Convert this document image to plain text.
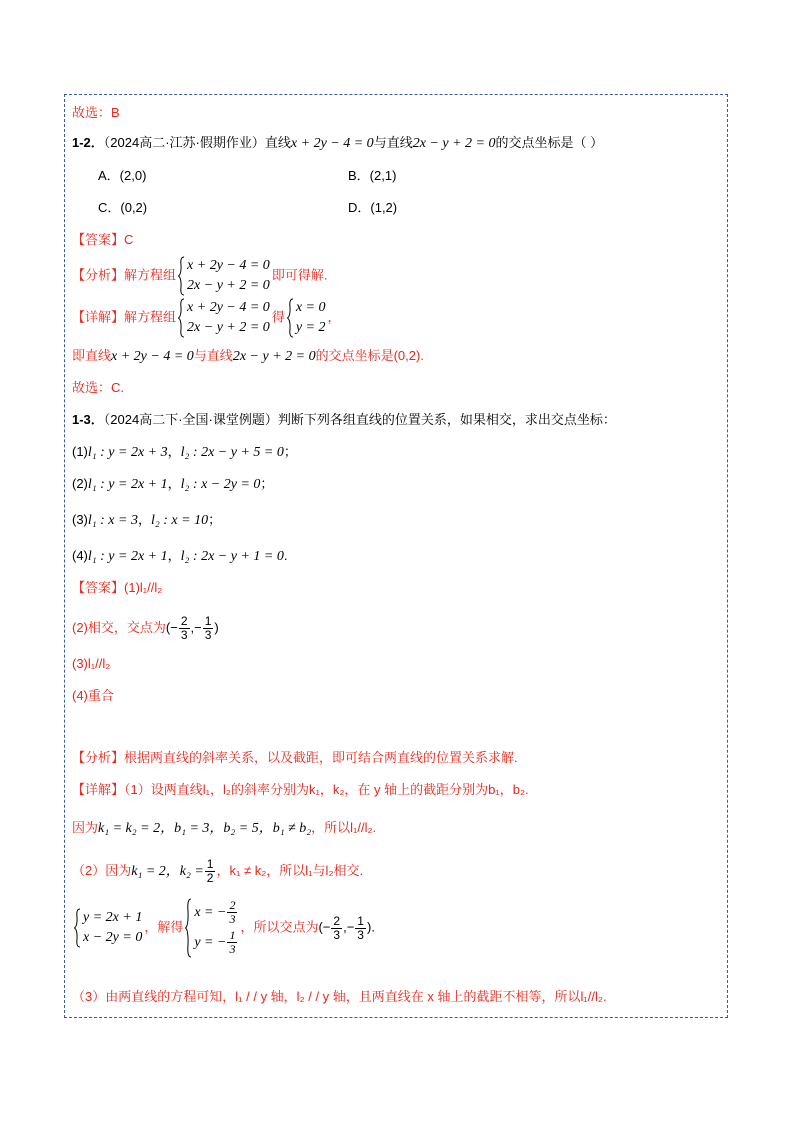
故选：B
1-2．（2024高二·江苏·假期作业）直线x + 2y − 4 = 0与直线2x − y + 2 = 0的交点坐标是（ ）
A．(2,0)	B．(2,1)
C．(0,2)	D．(1,2)
【答案】C
【分析】解方程组
x + 2y − 4 = 0
2x − y + 2 = 0
即可得解.
【详解】解方程组
x + 2y − 4 = 0
2x − y + 2 = 0
得
x = 0
y = 2
，
即直线x + 2y − 4 = 0与直线2x − y + 2 = 0的交点坐标是(0,2).
故选：C.
1-3．（2024高二下·全国·课堂例题）判断下列各组直线的位置关系，如果相交，求出交点坐标：
(1)l₁ : y = 2x + 3，l₂ : 2x − y + 5 = 0；
(2)l₁ : y = 2x + 1，l₂ : x − 2y = 0；
(3)l₁ : x = 3，l₂ : x = 10；
(4)l₁ : y = 2x + 1，l₂ : 2x − y + 1 = 0.
【答案】(1)l₁//l₂
(2)相交，交点为(− $\frac{2}{3}$ ,− $\frac{1}{3}$ )
(3)l₁//l₂
(4)重合
【分析】根据两直线的斜率关系，以及截距，即可结合两直线的位置关系求解.
【详解】（1）设两直线l₁，l₂的斜率分别为k₁，k₂，在 y 轴上的截距分别为b₁，b₂.
因为k₁ = k₂ = 2，b₁ = 3，b₂ = 5，b₁ ≠ b₂，所以l₁//l₂.
（2）因为k₁ = 2，$k_2 = \frac{1}{2}$ ，k₁ ≠ k₂，所以l₁与l₂相交.
y = 2x + 1
x − 2y = 0
，解得
x = − $\frac{2}{3}$
y = − $\frac{1}{3}$
，所以交点为(− $\frac{2}{3}$ ,− $\frac{1}{3}$ ).
（3）由两直线的方程可知，l₁ / / y 轴，l₂ / / y 轴，且两直线在 x 轴上的截距不相等，所以l₁//l₂.
